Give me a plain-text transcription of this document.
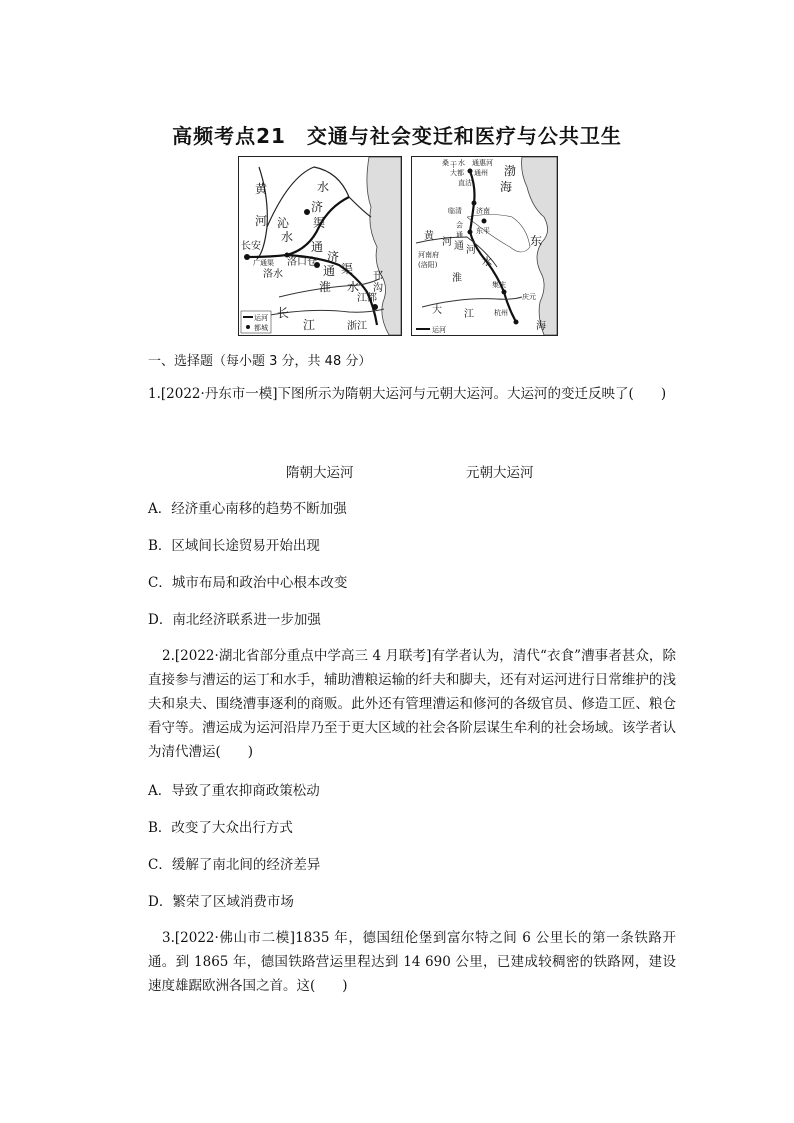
高频考点21　交通与社会变迁和医疗与公共卫生
黄
河
水
济
沁
水
渠
通
长安
广通渠 洛口仓
洛水
济
渠
通
淮 水
邗
沟
江都
长
江	浙江
运河
都城
桑 干 水 通惠河
大都 通州
直沽
渤
海
临清 济南
会
通 东平
黄
河 通 河
东
河南府
(洛阳)	水
淮
集庆
大 江	杭州
庆元
海
运河
一、选择题（每小题 3 分，共 48 分）
1.[2022·丹东市一模]下图所示为隋朝大运河与元朝大运河。大运河的变迁反映了(　　)
隋朝大运河	元朝大运河
A．经济重心南移的趋势不断加强
B．区域间长途贸易开始出现
C．城市布局和政治中心根本改变
D．南北经济联系进一步加强
2.[2022·湖北省部分重点中学高三 4 月联考]有学者认为，清代“衣食”漕事者甚众，除直接参与漕运的运丁和水手，辅助漕粮运输的纤夫和脚夫，还有对运河进行日常维护的浅夫和泉夫、围绕漕事逐利的商贩。此外还有管理漕运和修河的各级官员、修造工匠、粮仓看守等。漕运成为运河沿岸乃至于更大区域的社会各阶层谋生牟利的社会场域。该学者认为清代漕运(　　)
A．导致了重农抑商政策松动
B．改变了大众出行方式
C．缓解了南北间的经济差异
D．繁荣了区域消费市场
3.[2022·佛山市二模]1835 年，德国纽伦堡到富尔特之间 6 公里长的第一条铁路开通。到 1865 年，德国铁路营运里程达到 14 690 公里，已建成较稠密的铁路网，建设速度雄踞欧洲各国之首。这(　　)
